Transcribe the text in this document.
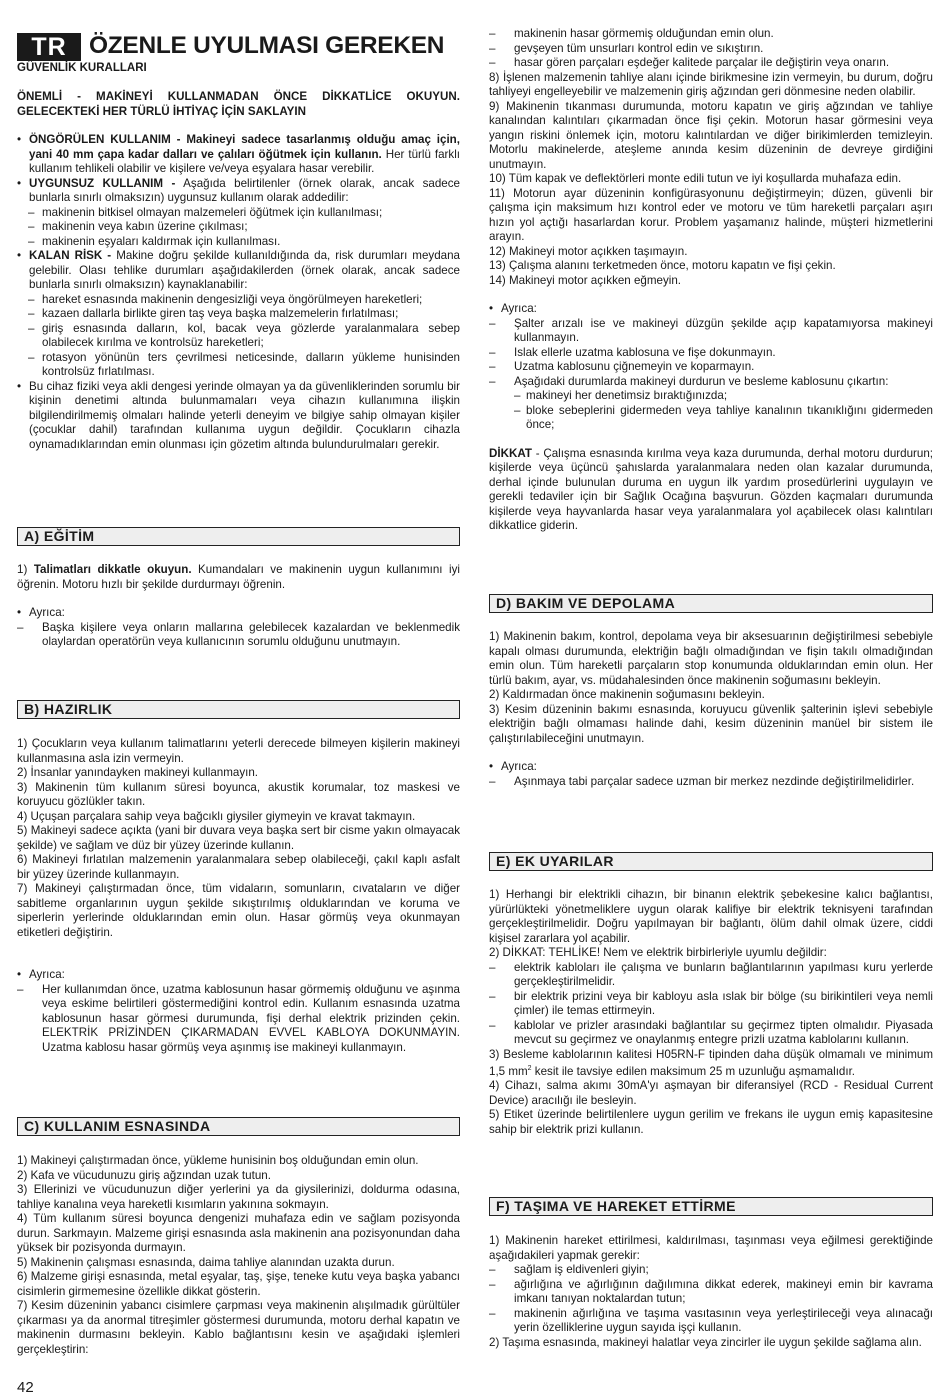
TR ÖZENLE UYULMASI GEREKEN
GÜVENLİK KURALLARI

ÖNEMLİ - MAKİNEYİ KULLANMADAN ÖNCE DİKKATLİCE OKUYUN. GELECEKTEKİ HER TÜRLÜ İHTİYAÇ İÇİN SAKLAYIN

• ÖNGÖRÜLEN KULLANIM - Makineyi sadece tasarlanmış olduğu amaç için, yani 40 mm çapa kadar dalları ve çalıları öğütmek için kullanın. Her türlü farklı kullanım tehlikeli olabilir ve kişilere ve/veya eşyalara hasar verebilir.

• UYGUNSUZ KULLANIM - Aşağıda belirtilenler (örnek olarak, ancak sadece bunlarla sınırlı olmaksızın) uygunsuz kullanım olarak addedilir:

– makinenin bitkisel olmayan malzemeleri öğütmek için kullanılması;

– makinenin veya kabın üzerine çıkılması;

– makinenin eşyaları kaldırmak için kullanılması.

• KALAN RİSK - Makine doğru şekilde kullanıldığında da, risk durumları meydana gelebilir. Olası tehlike durumları aşağıdakilerden (örnek olarak, ancak sadece bunlarla sınırlı olmaksızın) kaynaklanabilir:

– hareket esnasında makinenin dengesizliği veya öngörülmeyen hareketleri;

– kazaen dallarla birlikte giren taş veya başka malzemelerin fırlatılması;

– giriş esnasında dalların, kol, bacak veya gözlerde yaralanmalara sebep olabilecek kırılma ve kontrolsüz hareketleri;

– rotasyon yönünün ters çevrilmesi neticesinde, dalların yükleme hunisinden kontrolsüz fırlatılması.

• Bu cihaz fiziki veya akli dengesi yerinde olmayan ya da güvenliklerinden sorumlu bir kişinin denetimi altında bulunmamaları veya cihazın kullanımına ilişkin bilgilendirilmemiş olmaları halinde yeterli deneyim ve bilgiye sahip olmayan kişiler (çocuklar dahil) tarafından kullanıma uygun değildir. Çocukların cihazla oynamadıklarından emin olunması için gözetim altında bulundurulmaları gerekir.

A) EĞİTİM

1) Talimatları dikkatle okuyun. Kumandaları ve makinenin uygun kullanımını iyi öğrenin. Motoru hızlı bir şekilde durdurmayı öğrenin.

• Ayrıca:

– Başka kişilere veya onların mallarına gelebilecek kazalardan ve beklenmedik olaylardan operatörün veya kullanıcının sorumlu olduğunu unutmayın.

B) HAZIRLIK

1) Çocukların veya kullanım talimatlarını yeterli derecede bilmeyen kişilerin makineyi kullanmasına asla izin vermeyin.

2) İnsanlar yanındayken makineyi kullanmayın.

3) Makinenin tüm kullanım süresi boyunca, akustik korumalar, toz maskesi ve koruyucu gözlükler takın.

4) Uçuşan parçalara sahip veya bağcıklı giysiler giymeyin ve kravat takmayın.

5) Makineyi sadece açıkta (yani bir duvara veya başka sert bir cisme yakın olmayacak şekilde) ve sağlam ve düz bir yüzey üzerinde kullanın.

6) Makineyi fırlatılan malzemenin yaralanmalara sebep olabileceği, çakıl kaplı asfalt bir yüzey üzerinde kullanmayın.

7) Makineyi çalıştırmadan önce, tüm vidaların, somunların, cıvataların ve diğer sabitleme organlarının uygun şekilde sıkıştırılmış olduklarından ve koruma ve siperlerin yerlerinde olduklarından emin olun. Hasar görmüş veya okunmayan etiketleri değiştirin.

• Ayrıca:

– Her kullanımdan önce, uzatma kablosunun hasar görmemiş olduğunu ve aşınma veya eskime belirtileri göstermediğini kontrol edin. Kullanım esnasında uzatma kablosunun hasar görmesi durumunda, fişi derhal elektrik prizinden çekin. ELEKTRİK PRİZİNDEN ÇIKARMADAN EVVEL KABLOYA DOKUNMAYIN. Uzatma kablosu hasar görmüş veya aşınmış ise makineyi kullanmayın.

C) KULLANIM ESNASINDA

1) Makineyi çalıştırmadan önce, yükleme hunisinin boş olduğundan emin olun.

2) Kafa ve vücudunuzu giriş ağzından uzak tutun.

3) Ellerinizi ve vücudunuzun diğer yerlerini ya da giysilerinizi, doldurma odasına, tahliye kanalına veya hareketli kısımların yakınına sokmayın.

4) Tüm kullanım süresi boyunca dengenizi muhafaza edin ve sağlam pozisyonda durun. Sarkmayın. Malzeme girişi esnasında asla makinenin ana pozisyonundan daha yüksek bir pozisyonda durmayın.

5) Makinenin çalışması esnasında, daima tahliye alanından uzakta durun.

6) Malzeme girişi esnasında, metal eşyalar, taş, şişe, teneke kutu veya başka yabancı cisimlerin girmemesine özellikle dikkat gösterin.

7) Kesim düzeninin yabancı cisimlere çarpması veya makinenin alışılmadık gürültüler çıkarması ya da anormal titreşimler göstermesi durumunda, motoru derhal kapatın ve makinenin durmasını bekleyin. Kablo bağlantısını kesin ve aşağıdaki işlemleri gerçekleştirin:

– makinenin hasar görmemiş olduğundan emin olun.

– gevşeyen tüm unsurları kontrol edin ve sıkıştırın.

– hasar gören parçaları eşdeğer kalitede parçalar ile değiştirin veya onarın.

8) İşlenen malzemenin tahliye alanı içinde birikmesine izin vermeyin, bu durum, doğru tahliyeyi engelleyebilir ve malzemenin giriş ağzından geri dönmesine neden olabilir.

9) Makinenin tıkanması durumunda, motoru kapatın ve giriş ağzından ve tahliye kanalından kalıntıları çıkarmadan önce fişi çekin. Motorun hasar görmesini veya yangın riskini önlemek için, motoru kalıntılardan ve diğer birikimlerden temizleyin. Motorlu makinelerde, ateşleme anında kesim düzeninin de devreye girdiğini unutmayın.

10) Tüm kapak ve deflektörleri monte edili tutun ve iyi koşullarda muhafaza edin.

11) Motorun ayar düzeninin konfigürasyonunu değiştirmeyin; düzen, güvenli bir çalışma için maksimum hızı kontrol eder ve motoru ve tüm hareketli parçaları aşırı hızın yol açtığı hasarlardan korur. Problem yaşamanız halinde, müşteri hizmetlerini arayın.

12) Makineyi motor açıkken taşımayın.

13) Çalışma alanını terketmeden önce, motoru kapatın ve fişi çekin.

14) Makineyi motor açıkken eğmeyin.

• Ayrıca:

– Şalter arızalı ise ve makineyi düzgün şekilde açıp kapatamıyorsa makineyi kullanmayın.

– Islak ellerle uzatma kablosuna ve fişe dokunmayın.

– Uzatma kablosunu çiğnemeyin ve koparmayın.

– Aşağıdaki durumlarda makineyi durdurun ve besleme kablosunu çıkartın:

– makineyi her denetimsiz bıraktığınızda;

– bloke sebeplerini gidermeden veya tahliye kanalının tıkanıklığını gidermeden önce;

DİKKAT - Çalışma esnasında kırılma veya kaza durumunda, derhal motoru durdurun; kişilerde veya üçüncü şahıslarda yaralanmalara neden olan kazalar durumunda, derhal içinde bulunulan duruma en uygun ilk yardım prosedürlerini uygulayın ve gerekli tedaviler için bir Sağlık Ocağına başvurun. Gözden kaçmaları durumunda kişilerde veya hayvanlarda hasar veya yaralanmalara yol açabilecek olası kalıntıları dikkatlice giderin.

D) BAKIM VE DEPOLAMA

1) Makinenin bakım, kontrol, depolama veya bir aksesuarının değiştirilmesi sebebiyle kapalı olması durumunda, elektriğin bağlı olmadığından ve fişin takılı olmadığından emin olun. Tüm hareketli parçaların stop konumunda olduklarından emin olun. Her türlü bakım, ayar, vs. müdahalesinden önce makinenin soğumasını bekleyin.

2) Kaldırmadan önce makinenin soğumasını bekleyin.

3) Kesim düzeninin bakımı esnasında, koruyucu güvenlik şalterinin işlevi sebebiyle elektriğin bağlı olmaması halinde dahi, kesim düzeninin manüel bir sistem ile çalıştırılabileceğini unutmayın.

• Ayrıca:

– Aşınmaya tabi parçalar sadece uzman bir merkez nezdinde değiştirilmelidirler.

E) EK UYARILAR

1) Herhangi bir elektrikli cihazın, bir binanın elektrik şebekesine kalıcı bağlantısı, yürürlükteki yönetmeliklere uygun olarak kalifiye bir elektrik teknisyeni tarafından gerçekleştirilmelidir. Doğru yapılmayan bir bağlantı, ölüm dahil olmak üzere, ciddi kişisel zararlara yol açabilir.

2) DİKKAT: TEHLİKE! Nem ve elektrik birbirleriyle uyumlu değildir:

– elektrik kabloları ile çalışma ve bunların bağlantılarının yapılması kuru yerlerde gerçekleştirilmelidir.

– bir elektrik prizini veya bir kabloyu asla ıslak bir bölge (su birikintileri veya nemli çimler) ile temas ettirmeyin.

– kablolar ve prizler arasındaki bağlantılar su geçirmez tipten olmalıdır. Piyasada mevcut su geçirmez ve onaylanmış entegre prizli uzatma kablolarını kullanın.

3) Besleme kablolarının kalitesi H05RN-F tipinden daha düşük olmamalı ve minimum 1,5 $mm^2$ kesit ile tavsiye edilen maksimum 25 m uzunluğu aşmamalıdır.

4) Cihazı, salma akımı 30mA'yı aşmayan bir diferansiyel (RCD - Residual Current Device) aracılığı ile besleyin.

5) Etiket üzerinde belirtilenlere uygun gerilim ve frekans ile uygun emiş kapasitesine sahip bir elektrik prizi kullanın.

F) TAŞIMA VE HAREKET ETTİRME

1) Makinenin hareket ettirilmesi, kaldırılması, taşınması veya eğilmesi gerektiğinde aşağıdakileri yapmak gerekir:

– sağlam iş eldivenleri giyin;

– ağırlığına ve ağırlığının dağılımına dikkat ederek, makineyi emin bir kavrama imkanı tanıyan noktalardan tutun;

– makinenin ağırlığına ve taşıma vasıtasının veya yerleştirileceği veya alınacağı yerin özelliklerine uygun sayıda işçi kullanın.

2) Taşıma esnasında, makineyi halatlar veya zincirler ile uygun şekilde sağlama alın.

42
